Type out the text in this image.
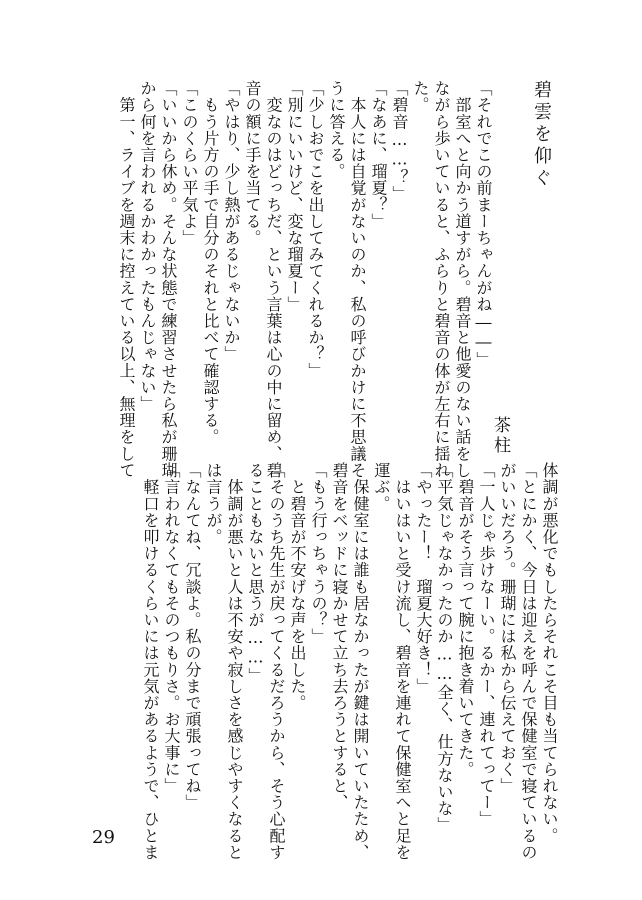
碧雲を仰ぐ
茶柱
「それでこの前まーちゃんがね――」
　部室へと向かう道すがら。碧音と他愛のない話をし
ながら歩いていると、ふらりと碧音の体が左右に揺れ
た。
「碧音……？」
「なあに、瑠夏？」
　本人には自覚がないのか、私の呼びかけに不思議そ
うに答える。
「少しおでこを出してみてくれるか？」
「別にいいけど、変な瑠夏ー」
　変なのはどっちだ、という言葉は心の中に留め、碧
音の額に手を当てる。
「やはり、少し熱があるじゃないか」
　もう片方の手で自分のそれと比べて確認する。
「このくらい平気よ」
「いいから休め。そんな状態で練習させたら私が珊瑚
から何を言われるかわかったもんじゃない」
　第一、ライブを週末に控えている以上、無理をして
体調が悪化でもしたらそれこそ目も当てられない。
「とにかく、今日は迎えを呼んで保健室で寝ているの
がいいだろう。珊瑚には私から伝えておく」
「一人じゃ歩けなーい。るかー、連れてってー」
　碧音がそう言って腕に抱き着いてきた。
「平気じゃなかったのか……全く、仕方ないな」
「やったー！　瑠夏大好き！」
　はいはいと受け流し、碧音を連れて保健室へと足を
運ぶ。
　保健室には誰も居なかったが鍵は開いていたため、
碧音をベッドに寝かせて立ち去ろうとすると、
「もう行っちゃうの？」
　と碧音が不安げな声を出した。
「そのうち先生が戻ってくるだろうから、そう心配す
ることもないと思うが……」
　体調が悪いと人は不安や寂しさを感じやすくなると
は言うが。
「なんてね、冗談よ。私の分まで頑張ってね」
「言われなくてもそのつもりさ。お大事に」
　軽口を叩けるくらいには元気があるようで、ひとま
29
